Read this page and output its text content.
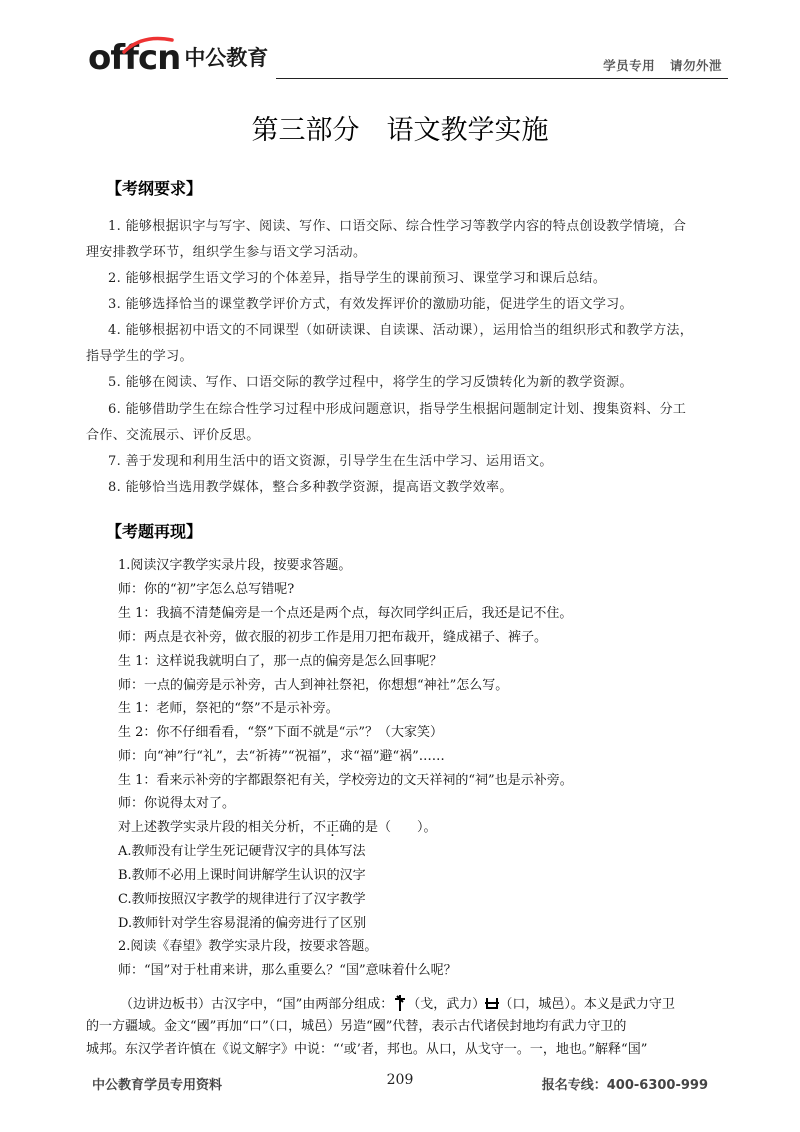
offcn 中公教育	学员专用 请勿外泄
第三部分　语文教学实施
【考纲要求】
1. 能够根据识字与写字、阅读、写作、口语交际、综合性学习等教学内容的特点创设教学情境，合
理安排教学环节，组织学生参与语文学习活动。
2. 能够根据学生语文学习的个体差异，指导学生的课前预习、课堂学习和课后总结。
3. 能够选择恰当的课堂教学评价方式，有效发挥评价的激励功能，促进学生的语文学习。
4. 能够根据初中语文的不同课型（如研读课、自读课、活动课），运用恰当的组织形式和教学方法，
指导学生的学习。
5. 能够在阅读、写作、口语交际的教学过程中，将学生的学习反馈转化为新的教学资源。
6. 能够借助学生在综合性学习过程中形成问题意识，指导学生根据问题制定计划、搜集资料、分工
合作、交流展示、评价反思。
7. 善于发现和利用生活中的语文资源，引导学生在生活中学习、运用语文。
8. 能够恰当选用教学媒体，整合多种教学资源，提高语文教学效率。
【考题再现】
1.阅读汉字教学实录片段，按要求答题。
师：你的“初”字怎么总写错呢?
生 1：我搞不清楚偏旁是一个点还是两个点，每次同学纠正后，我还是记不住。
师：两点是衣补旁，做衣服的初步工作是用刀把布裁开，缝成裙子、裤子。
生 1：这样说我就明白了，那一点的偏旁是怎么回事呢？
师：一点的偏旁是示补旁，古人到神社祭祀，你想想“神社”怎么写。
生 1：老师，祭祀的“祭”不是示补旁。
生 2：你不仔细看看，“祭”下面不就是“示”？（大家笑）
师：向“神”行“礼”，去“祈祷”“祝福”，求“福”避“祸”……
生 1：看来示补旁的字都跟祭祀有关，学校旁边的文天祥祠的“祠”也是示补旁。
师：你说得太对了。
对上述教学实录片段的相关分析，不正确的是（　　）。
A.教师没有让学生死记硬背汉字的具体写法
B.教师不必用上课时间讲解学生认识的汉字
C.教师按照汉字教学的规律进行了汉字教学
D.教师针对学生容易混淆的偏旁进行了区别
2.阅读《春望》教学实录片段，按要求答题。
师：“国”对于杜甫来讲，那么重要么？“国”意味着什么呢？
（边讲边板书）古汉字中，“国”由两部分组成： （戈，武力） （口，城邑）。本义是武力守卫
的一方疆域。金文“國”再加“口”（口，城邑）另造“國”代替，表示古代诸侯封地均有武力守卫的
城邦。东汉学者许慎在《说文解字》中说：“‘或’者，邦也。从口，从戈守一。一，地也。”解释“国”
中公教育学员专用资料	209	报名专线：400-6300-999
